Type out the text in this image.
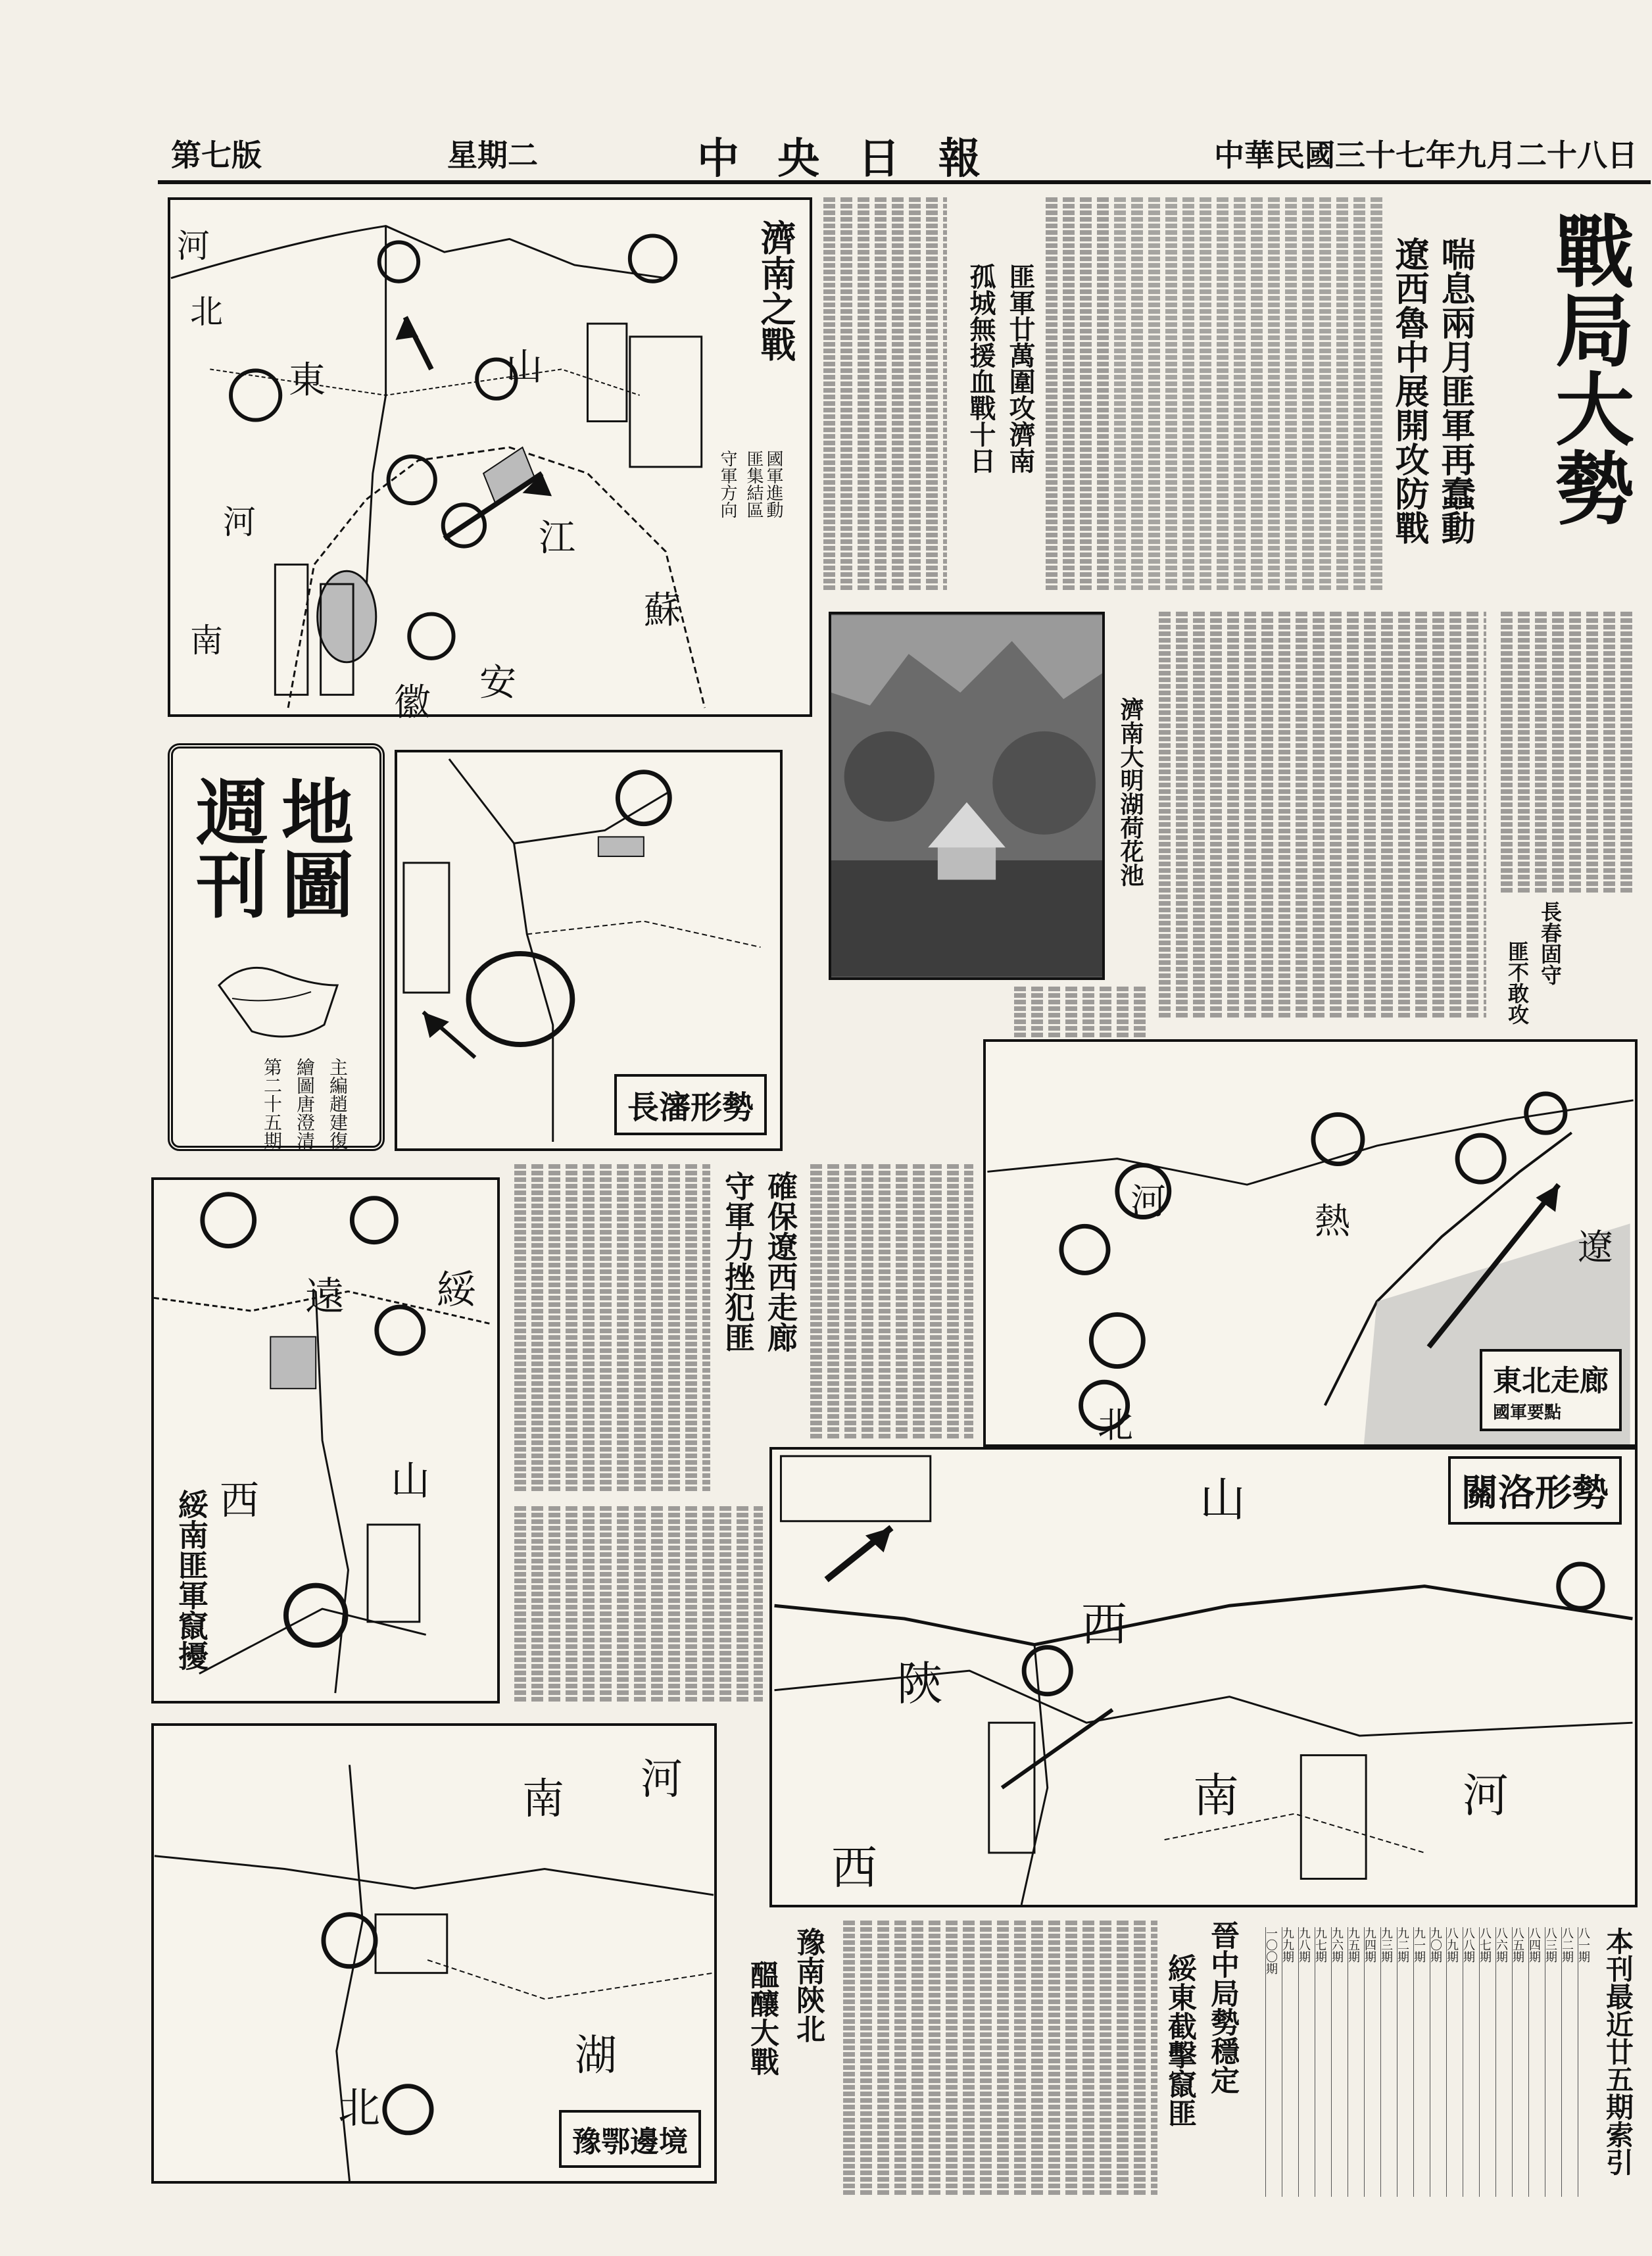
中華民國三十七年九月二十八日
中 央 日 報
星期二
第七版
戰局大勢
喘息兩月匪軍再蠢動
遼西魯中展開攻防戰
匪軍廿萬圍攻濟南
孤城無援血戰十日
濟南大明湖荷花池
長春固守
匪不敢攻
河
北
東	山
河
南
安
徽
江
蘇
濟南之戰
國軍進動
匪集結區
守軍方向
地圖
週刊
主編趙建復
繪圖唐澄清
第二十五期	長瀋形勢
河	熱
遼
北
東北走廊
國軍要點
確保遼西走廊
守軍力挫犯匪
遠 綏
西	山
綏南匪軍竄擾	山
西
陝
西
南	河
關洛形勢
河
南
北
湖
豫鄂邊境
晉中局勢穩定
綏東截擊竄匪
豫南陝北
醞釀大戰	本刊最近廿五期索引
八一期
八二期
八三期
八四期
八五期
八六期
八七期
八八期
八九期
九〇期
九一期
九二期
九三期
九四期
九五期
九六期
九七期
九八期
九九期
一〇〇期
